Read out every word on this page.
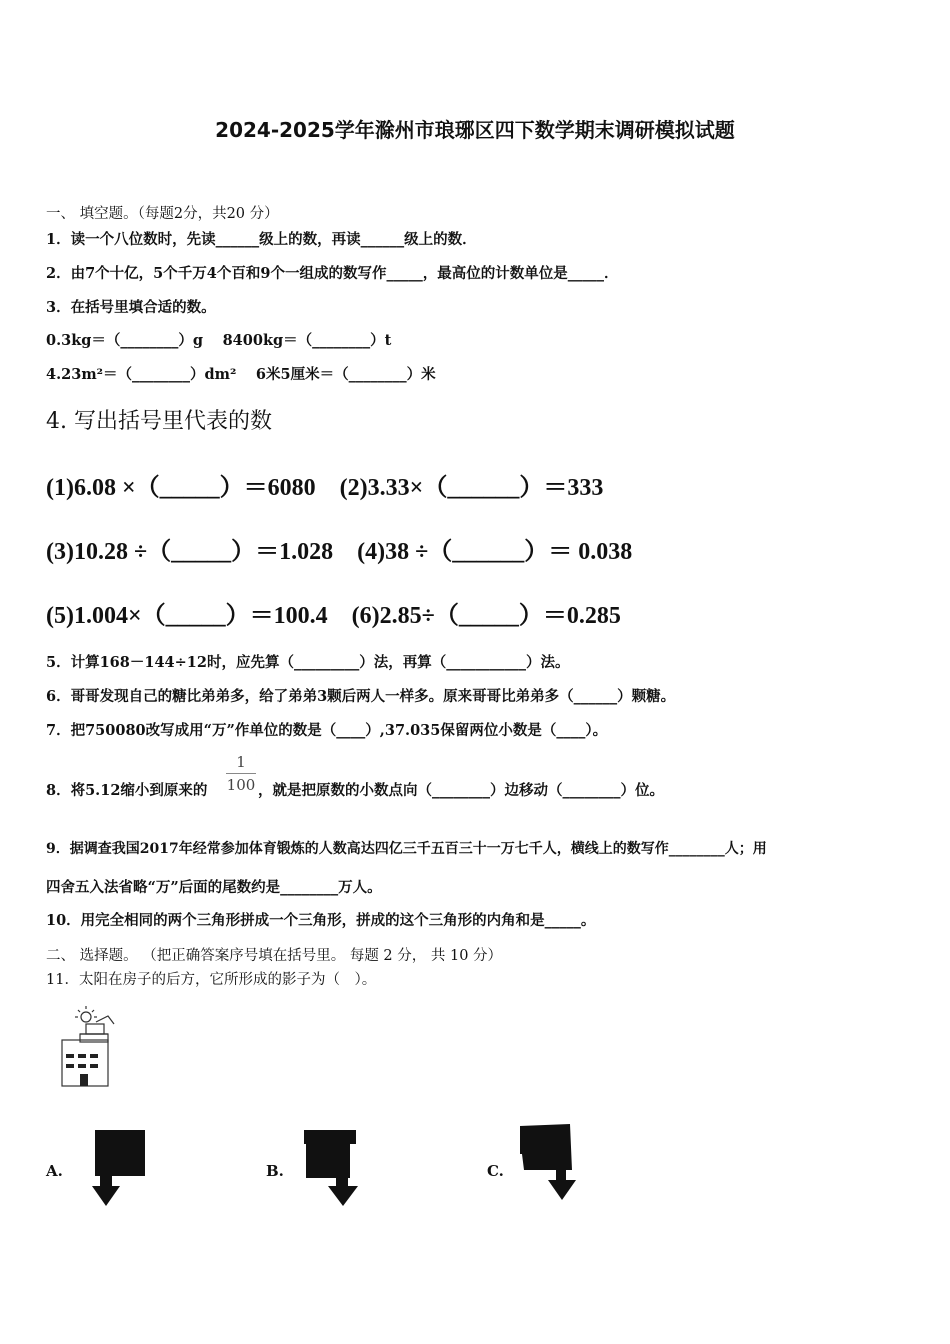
2024-2025学年滁州市琅琊区四下数学期末调研模拟试题
一、 填空题。（每题2分，共20 分）
1．读一个八位数时，先读______级上的数，再读______级上的数．
2．由7个十亿，5个千万4个百和9个一组成的数写作_____，最高位的计数单位是_____．
3．在括号里填合适的数。
0.3kg＝（________）g　 8400kg＝（________）t
4.23m²＝（________）dm²　 6米5厘米＝（________）米
4. 写出括号里代表的数
(1)6.08 ×（_____）＝6080　(2)3.33×（______）＝333
(3)10.28 ÷（_____）＝1.028　(4)38 ÷（______）＝ 0.038
(5)1.004×（_____）＝100.4　(6)2.85÷（_____）＝0.285
5．计算168－144÷12时，应先算（_________）法，再算（___________）法。
6．哥哥发现自己的糖比弟弟多，给了弟弟3颗后两人一样多。原来哥哥比弟弟多（______）颗糖。
7．把750080改写成用“万”作单位的数是（____）,37.035保留两位小数是（____）。
8．将5.12缩小到原来的
1
100 ，就是把原数的小数点向（________）边移动（________）位。
9．据调查我国2017年经常参加体育锻炼的人数高达四亿三千五百三十一万七千人，横线上的数写作________人；用
四舍五入法省略“万”后面的尾数约是________万人。
10．用完全相同的两个三角形拼成一个三角形，拼成的这个三角形的内角和是_____。
二、 选择题。 （把正确答案序号填在括号里。 每题 2 分， 共 10 分）
11．太阳在房子的后方，它所形成的影子为（　）。
A.	B.	C.
